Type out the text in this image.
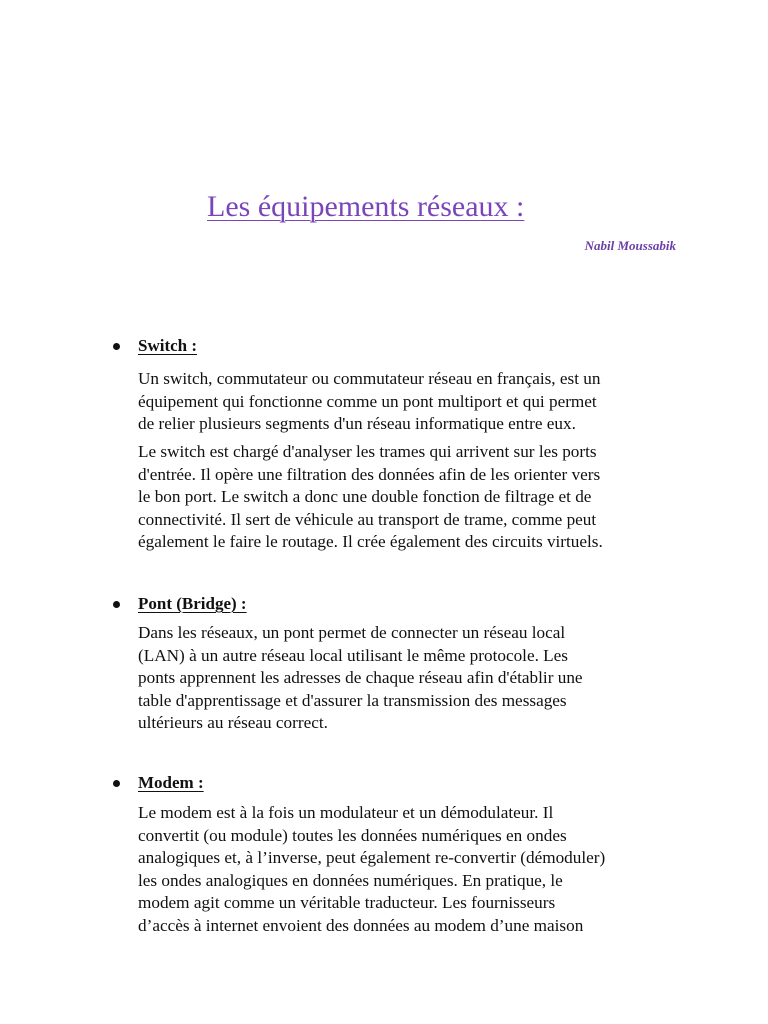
Les équipements réseaux :
Nabil Moussabik
Switch :

Un switch, commutateur ou commutateur réseau en français, est un
équipement qui fonctionne comme un pont multiport et qui permet
de relier plusieurs segments d'un réseau informatique entre eux.

Le switch est chargé d'analyser les trames qui arrivent sur les ports
d'entrée. Il opère une filtration des données afin de les orienter vers
le bon port. Le switch a donc une double fonction de filtrage et de
connectivité. Il sert de véhicule au transport de trame, comme peut
également le faire le routage. Il crée également des circuits virtuels.

Pont (Bridge) :

Dans les réseaux, un pont permet de connecter un réseau local
(LAN) à un autre réseau local utilisant le même protocole. Les
ponts apprennent les adresses de chaque réseau afin d'établir une
table d'apprentissage et d'assurer la transmission des messages
ultérieurs au réseau correct.

Modem :

Le modem est à la fois un modulateur et un démodulateur. Il
convertit (ou module) toutes les données numériques en ondes
analogiques et, à l’inverse, peut également re-convertir (démoduler)
les ondes analogiques en données numériques. En pratique, le
modem agit comme un véritable traducteur. Les fournisseurs
d’accès à internet envoient des données au modem d’une maison
